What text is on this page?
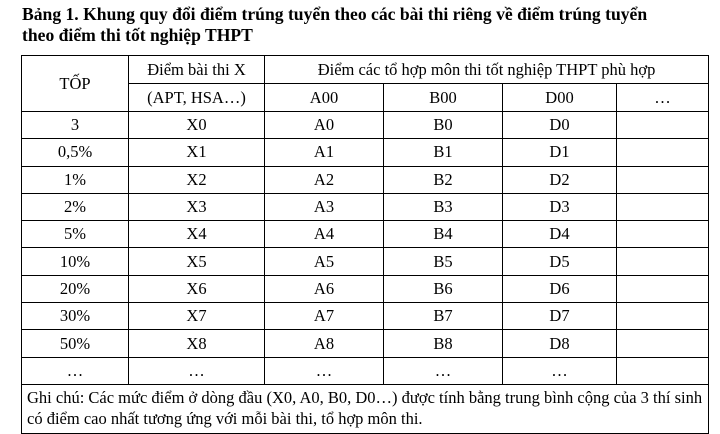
Bảng 1. Khung quy đổi điểm trúng tuyển theo các bài thi riêng về điểm trúng tuyển
theo điểm thi tốt nghiệp THPT
TỐP	Điểm bài thi X	Điểm các tổ hợp môn thi tốt nghiệp THPT phù hợp			
	(APT, HSA…)	A00	B00	D00	…
3	X0	A0	B0	D0	
0,5%	X1	A1	B1	D1	
1%	X2	A2	B2	D2	
2%	X3	A3	B3	D3	
5%	X4	A4	B4	D4	
10%	X5	A5	B5	D5	
20%	X6	A6	B6	D6	
30%	X7	A7	B7	D7	
50%	X8	A8	B8	D8	
…	…	…	…	…	
Ghi chú: Các mức điểm ở dòng đầu (X0, A0, B0, D0…) được tính bằng trung bình cộng của 3 thí sinh có điểm cao nhất tương ứng với mỗi bài thi, tổ hợp môn thi.					
